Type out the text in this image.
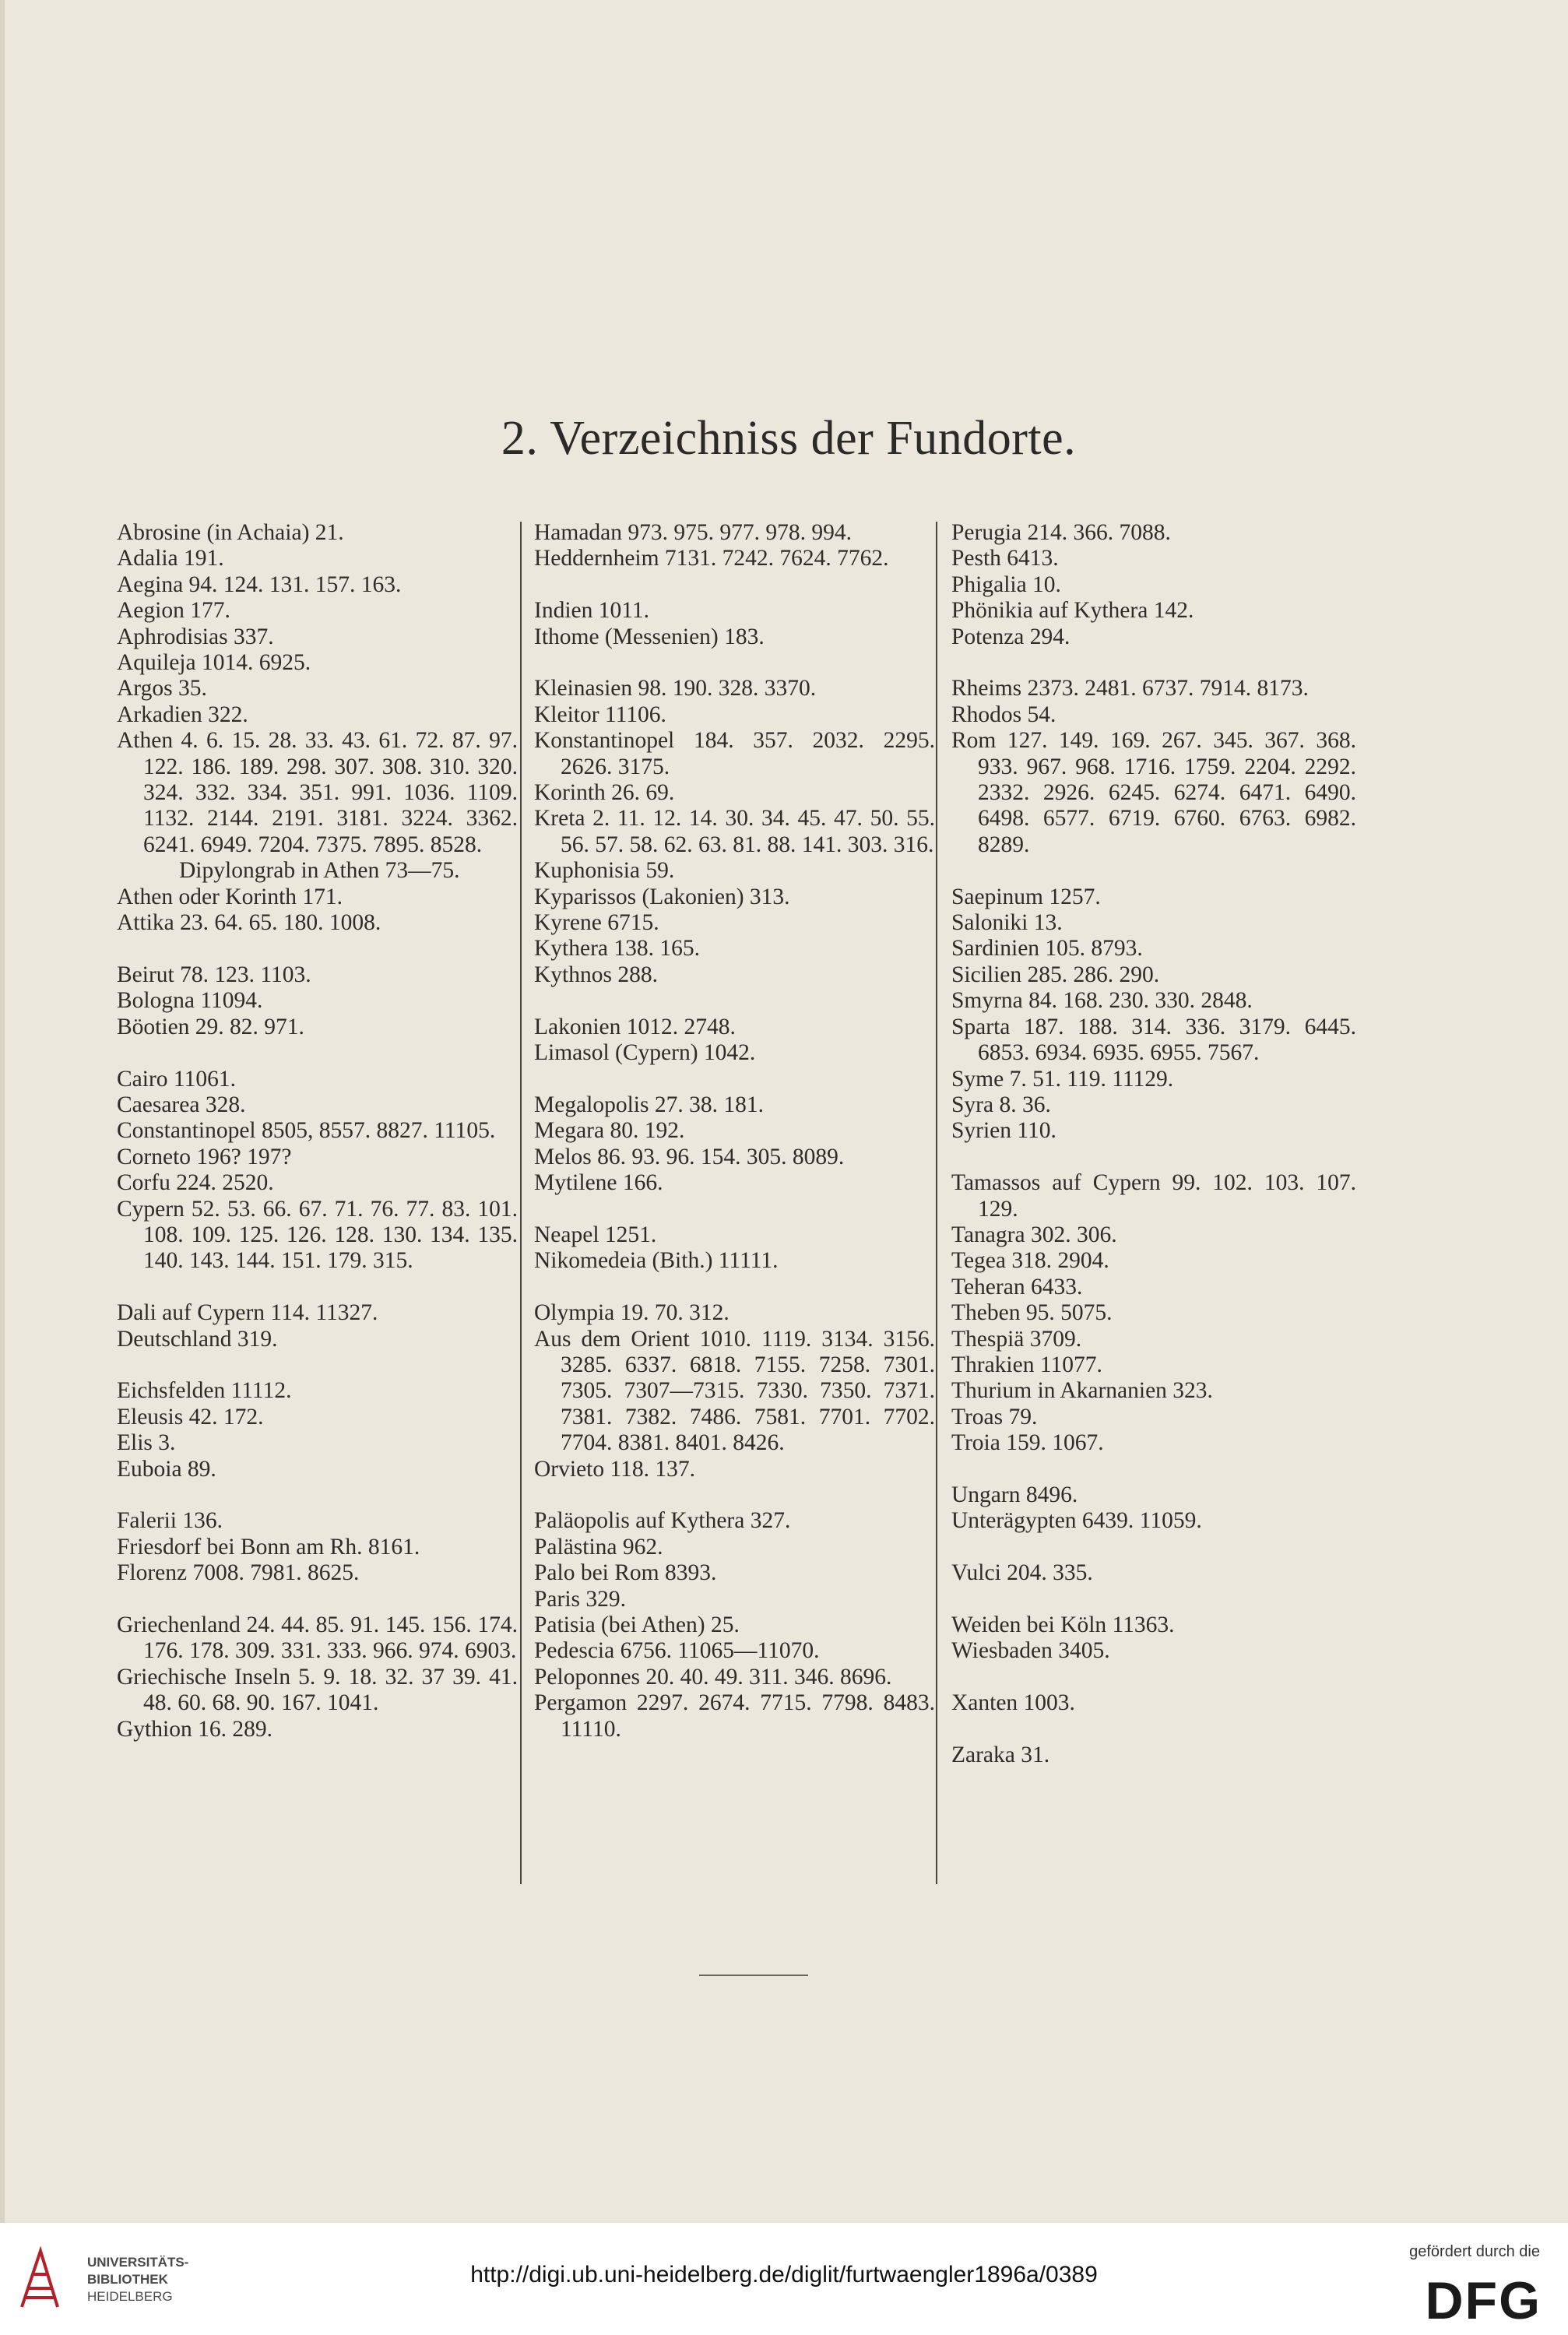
2. Verzeichniss der Fundorte.
Abrosine (in Achaia) 21.
Adalia 191.
Aegina 94. 124. 131. 157. 163.
Aegion 177.
Aphrodisias 337.
Aquileja 1014. 6925.
Argos 35.
Arkadien 322.
Athen 4. 6. 15. 28. 33. 43. 61. 72. 87. 97. 122. 186. 189. 298. 307. 308. 310. 320. 324. 332. 334. 351. 991. 1036. 1109. 1132. 2144. 2191. 3181. 3224. 3362. 6241. 6949. 7204. 7375. 7895. 8528.
Dipylongrab in Athen 73—75.
Athen oder Korinth 171.
Attika 23. 64. 65. 180. 1008.
Beirut 78. 123. 1103.
Bologna 11094.
Böotien 29. 82. 971.
Cairo 11061.
Caesarea 328.
Constantinopel 8505, 8557. 8827. 11105.
Corneto 196? 197?
Corfu 224. 2520.
Cypern 52. 53. 66. 67. 71. 76. 77. 83. 101. 108. 109. 125. 126. 128. 130. 134. 135. 140. 143. 144. 151. 179. 315.
Dali auf Cypern 114. 11327.
Deutschland 319.
Eichsfelden 11112.
Eleusis 42. 172.
Elis 3.
Euboia 89.
Falerii 136.
Friesdorf bei Bonn am Rh. 8161.
Florenz 7008. 7981. 8625.
Griechenland 24. 44. 85. 91. 145. 156. 174. 176. 178. 309. 331. 333. 966. 974. 6903.
Griechische Inseln 5. 9. 18. 32. 37 39. 41. 48. 60. 68. 90. 167. 1041.
Gythion 16. 289.
Hamadan 973. 975. 977. 978. 994.
Heddernheim 7131. 7242. 7624. 7762.
Indien 1011.
Ithome (Messenien) 183.
Kleinasien 98. 190. 328. 3370.
Kleitor 11106.
Konstantinopel 184. 357. 2032. 2295. 2626. 3175.
Korinth 26. 69.
Kreta 2. 11. 12. 14. 30. 34. 45. 47. 50. 55. 56. 57. 58. 62. 63. 81. 88. 141. 303. 316.
Kuphonisia 59.
Kyparissos (Lakonien) 313.
Kyrene 6715.
Kythera 138. 165.
Kythnos 288.
Lakonien 1012. 2748.
Limasol (Cypern) 1042.
Megalopolis 27. 38. 181.
Megara 80. 192.
Melos 86. 93. 96. 154. 305. 8089.
Mytilene 166.
Neapel 1251.
Nikomedeia (Bith.) 11111.
Olympia 19. 70. 312.
Aus dem Orient 1010. 1119. 3134. 3156. 3285. 6337. 6818. 7155. 7258. 7301. 7305. 7307—7315. 7330. 7350. 7371. 7381. 7382. 7486. 7581. 7701. 7702. 7704. 8381. 8401. 8426.
Orvieto 118. 137.
Paläopolis auf Kythera 327.
Palästina 962.
Palo bei Rom 8393.
Paris 329.
Patisia (bei Athen) 25.
Pedescia 6756. 11065—11070.
Peloponnes 20. 40. 49. 311. 346. 8696.
Pergamon 2297. 2674. 7715. 7798. 8483. 11110.
Perugia 214. 366. 7088.
Pesth 6413.
Phigalia 10.
Phönikia auf Kythera 142.
Potenza 294.
Rheims 2373. 2481. 6737. 7914. 8173.
Rhodos 54.
Rom 127. 149. 169. 267. 345. 367. 368. 933. 967. 968. 1716. 1759. 2204. 2292. 2332. 2926. 6245. 6274. 6471. 6490. 6498. 6577. 6719. 6760. 6763. 6982. 8289.
Saepinum 1257.
Saloniki 13.
Sardinien 105. 8793.
Sicilien 285. 286. 290.
Smyrna 84. 168. 230. 330. 2848.
Sparta 187. 188. 314. 336. 3179. 6445. 6853. 6934. 6935. 6955. 7567.
Syme 7. 51. 119. 11129.
Syra 8. 36.
Syrien 110.
Tamassos auf Cypern 99. 102. 103. 107. 129.
Tanagra 302. 306.
Tegea 318. 2904.
Teheran 6433.
Theben 95. 5075.
Thespiä 3709.
Thrakien 11077.
Thurium in Akarnanien 323.
Troas 79.
Troia 159. 1067.
Ungarn 8496.
Unterägypten 6439. 11059.
Vulci 204. 335.
Weiden bei Köln 11363.
Wiesbaden 3405.
Xanten 1003.
Zaraka 31.
UNIVERSITÄTS-
BIBLIOTHEK
HEIDELBERG
http://digi.ub.uni-heidelberg.de/diglit/furtwaengler1896a/0389
gefördert durch die
DFG
